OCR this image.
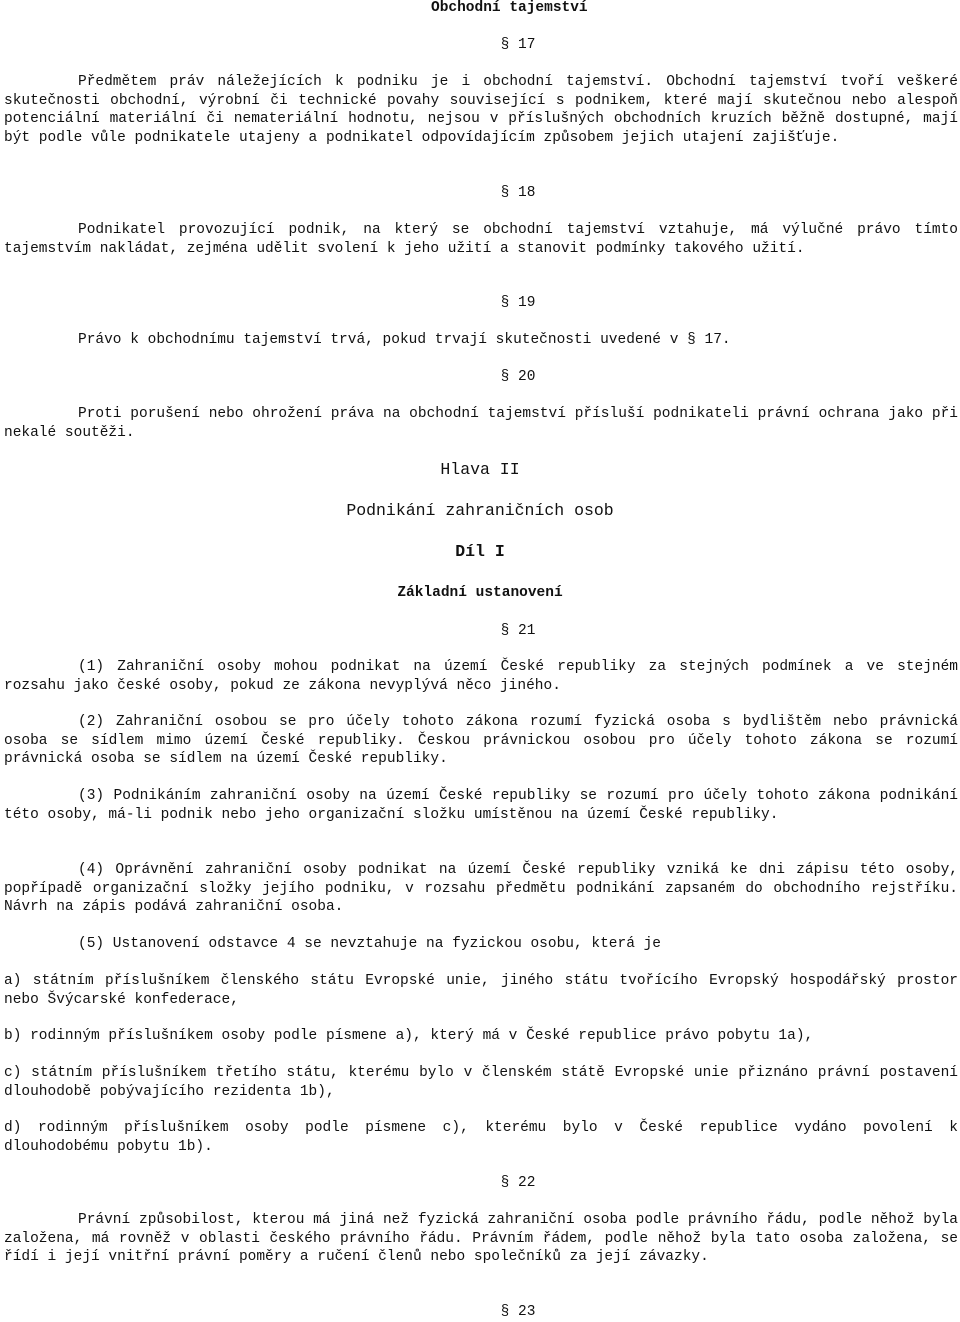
Obchodní tajemství
§ 17

Předmětem práv náležejících k podniku je i obchodní tajemství. Obchodní tajemství tvoří veškeré skutečnosti obchodní, výrobní či technické povahy související s podnikem, které mají skutečnou nebo alespoň potenciální materiální či nemateriální hodnotu, nejsou v příslušných obchodních kruzích běžně dostupné, mají být podle vůle podnikatele utajeny a podnikatel odpovídajícím způsobem jejich utajení zajišťuje.

§ 18

Podnikatel provozující podnik, na který se obchodní tajemství vztahuje, má výlučné právo tímto tajemstvím nakládat, zejména udělit svolení k jeho užití a stanovit podmínky takového užití.

§ 19

Právo k obchodnímu tajemství trvá, pokud trvají skutečnosti uvedené v § 17.

§ 20

Proti porušení nebo ohrožení práva na obchodní tajemství přísluší podnikateli právní ochrana jako při nekalé soutěži.

Hlava II
Podnikání zahraničních osob
Díl I
Základní ustanovení
§ 21

(1) Zahraniční osoby mohou podnikat na území České republiky za stejných podmínek a ve stejném rozsahu jako české osoby, pokud ze zákona nevyplývá něco jiného.

(2) Zahraniční osobou se pro účely tohoto zákona rozumí fyzická osoba s bydlištěm nebo právnická osoba se sídlem mimo území České republiky. Českou právnickou osobou pro účely tohoto zákona se rozumí právnická osoba se sídlem na území České republiky.

(3) Podnikáním zahraniční osoby na území České republiky se rozumí pro účely tohoto zákona podnikání této osoby, má-li podnik nebo jeho organizační složku umístěnou na území České republiky.

(4) Oprávnění zahraniční osoby podnikat na území České republiky vzniká ke dni zápisu této osoby, popřípadě organizační složky jejího podniku, v rozsahu předmětu podnikání zapsaném do obchodního rejstříku. Návrh na zápis podává zahraniční osoba.

(5) Ustanovení odstavce 4 se nevztahuje na fyzickou osobu, která je

a) státním příslušníkem členského státu Evropské unie, jiného státu tvořícího Evropský hospodářský prostor nebo Švýcarské konfederace,

b) rodinným příslušníkem osoby podle písmene a), který má v České republice právo pobytu 1a),

c) státním příslušníkem třetího státu, kterému bylo v členském státě Evropské unie přiznáno právní postavení dlouhodobě pobývajícího rezidenta 1b),

d) rodinným příslušníkem osoby podle písmene c), kterému bylo v České republice vydáno povolení k dlouhodobému pobytu 1b).

§ 22

Právní způsobilost, kterou má jiná než fyzická zahraniční osoba podle právního řádu, podle něhož byla založena, má rovněž v oblasti českého právního řádu. Právním řádem, podle něhož byla tato osoba založena, se řídí i její vnitřní právní poměry a ručení členů nebo společníků za její závazky.

§ 23
